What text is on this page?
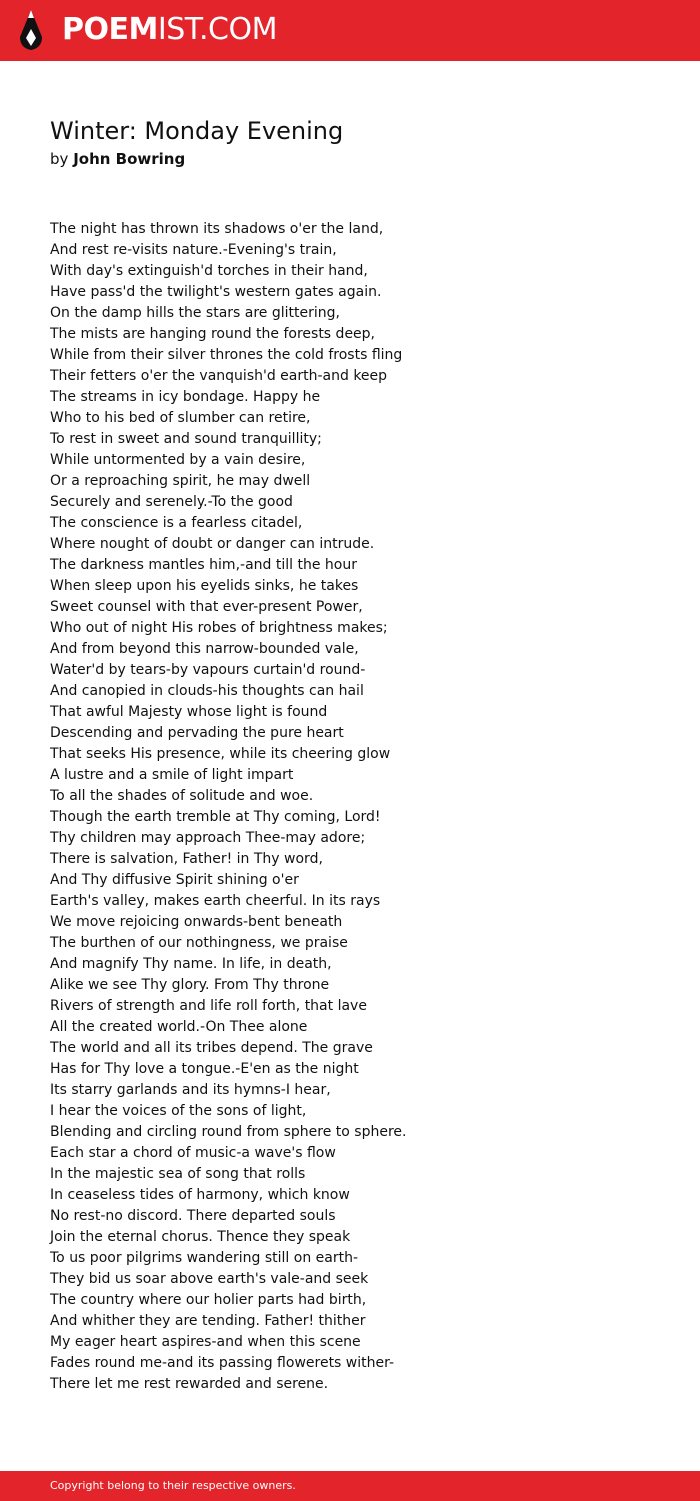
POEMIST.COM
Winter: Monday Evening
by John Bowring
The night has thrown its shadows o'er the land,
And rest re-visits nature.-Evening's train,
With day's extinguish'd torches in their hand,
Have pass'd the twilight's western gates again.
On the damp hills the stars are glittering,
The mists are hanging round the forests deep,
While from their silver thrones the cold frosts fling
Their fetters o'er the vanquish'd earth-and keep
The streams in icy bondage. Happy he
Who to his bed of slumber can retire,
To rest in sweet and sound tranquillity;
While untormented by a vain desire,
Or a reproaching spirit, he may dwell
Securely and serenely.-To the good
The conscience is a fearless citadel,
Where nought of doubt or danger can intrude.
The darkness mantles him,-and till the hour
When sleep upon his eyelids sinks, he takes
Sweet counsel with that ever-present Power,
Who out of night His robes of brightness makes;
And from beyond this narrow-bounded vale,
Water'd by tears-by vapours curtain'd round-
And canopied in clouds-his thoughts can hail
That awful Majesty whose light is found
Descending and pervading the pure heart
That seeks His presence, while its cheering glow
A lustre and a smile of light impart
To all the shades of solitude and woe.
Though the earth tremble at Thy coming, Lord!
Thy children may approach Thee-may adore;
There is salvation, Father! in Thy word,
And Thy diffusive Spirit shining o'er
Earth's valley, makes earth cheerful. In its rays
We move rejoicing onwards-bent beneath
The burthen of our nothingness, we praise
And magnify Thy name. In life, in death,
Alike we see Thy glory. From Thy throne
Rivers of strength and life roll forth, that lave
All the created world.-On Thee alone
The world and all its tribes depend. The grave
Has for Thy love a tongue.-E'en as the night
Its starry garlands and its hymns-I hear,
I hear the voices of the sons of light,
Blending and circling round from sphere to sphere.
Each star a chord of music-a wave's flow
In the majestic sea of song that rolls
In ceaseless tides of harmony, which know
No rest-no discord. There departed souls
Join the eternal chorus. Thence they speak
To us poor pilgrims wandering still on earth-
They bid us soar above earth's vale-and seek
The country where our holier parts had birth,
And whither they are tending. Father! thither
My eager heart aspires-and when this scene
Fades round me-and its passing flowerets wither-
There let me rest rewarded and serene.
Copyright belong to their respective owners.
